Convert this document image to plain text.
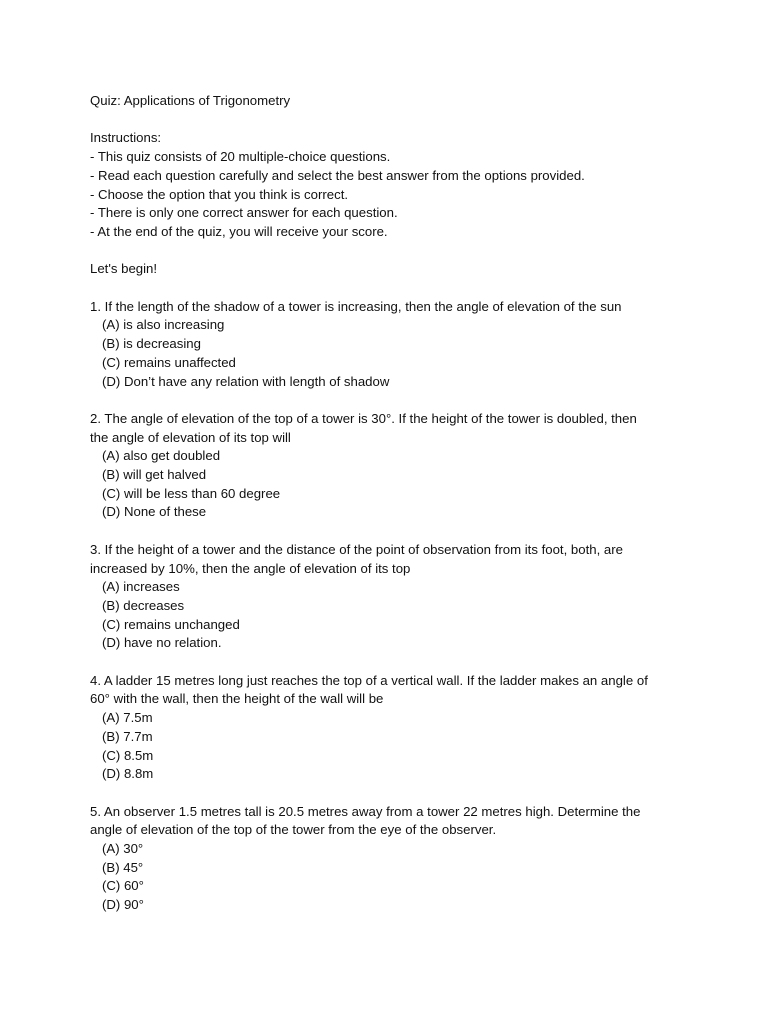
Quiz: Applications of Trigonometry
Instructions:
- This quiz consists of 20 multiple-choice questions.
- Read each question carefully and select the best answer from the options provided.
- Choose the option that you think is correct.
- There is only one correct answer for each question.
- At the end of the quiz, you will receive your score.
Let's begin!
1. If the length of the shadow of a tower is increasing, then the angle of elevation of the sun
(A) is also increasing
(B) is decreasing
(C) remains unaffected
(D) Don’t have any relation with length of shadow
2. The angle of elevation of the top of a tower is 30°. If the height of the tower is doubled, then
the angle of elevation of its top will
(A) also get doubled
(B) will get halved
(C) will be less than 60 degree
(D) None of these
3. If the height of a tower and the distance of the point of observation from its foot, both, are
increased by 10%, then the angle of elevation of its top
(A) increases
(B) decreases
(C) remains unchanged
(D) have no relation.
4. A ladder 15 metres long just reaches the top of a vertical wall. If the ladder makes an angle of
60° with the wall, then the height of the wall will be
(A) 7.5m
(B) 7.7m
(C) 8.5m
(D) 8.8m
5. An observer 1.5 metres tall is 20.5 metres away from a tower 22 metres high. Determine the
angle of elevation of the top of the tower from the eye of the observer.
(A) 30°
(B) 45°
(C) 60°
(D) 90°
